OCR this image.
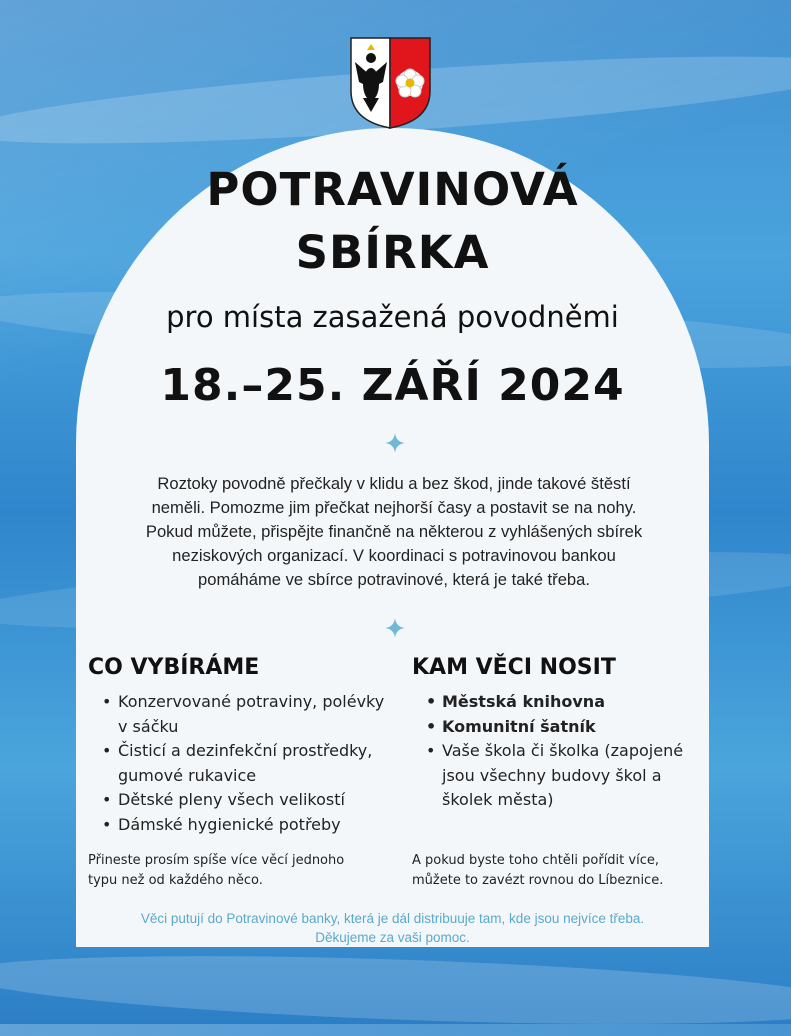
POTRAVINOVÁ
SBÍRKA

pro místa zasažená povodněmi

18.–25. ZÁŘÍ 2024
Roztoky povodně přečkaly v klidu a bez škod, jinde takové štěstí
neměli. Pomozme jim přečkat nejhorší časy a postavit se na nohy.
Pokud můžete, přispějte finančně na některou z vyhlášených sbírek
neziskových organizací. V koordinaci s potravinovou bankou
pomáháme ve sbírce potravinové, která je také třeba.
CO VYBÍRÁME
• Konzervované potraviny, polévky v sáčku
• Čisticí a dezinfekční prostředky, gumové rukavice
• Dětské pleny všech velikostí
• Dámské hygienické potřeby
Přineste prosím spíše více věcí jednoho
typu než od každého něco.
KAM VĚCI NOSIT
• Městská knihovna
• Komunitní šatník
• Vaše škola či školka (zapojené jsou všechny budovy škol a školek města)
A pokud byste toho chtěli pořídit více,
můžete to zavézt rovnou do Líbeznice.
Věci putují do Potravinové banky, která je dál distribuuje tam, kde jsou nejvíce třeba.
Děkujeme za vaši pomoc.
